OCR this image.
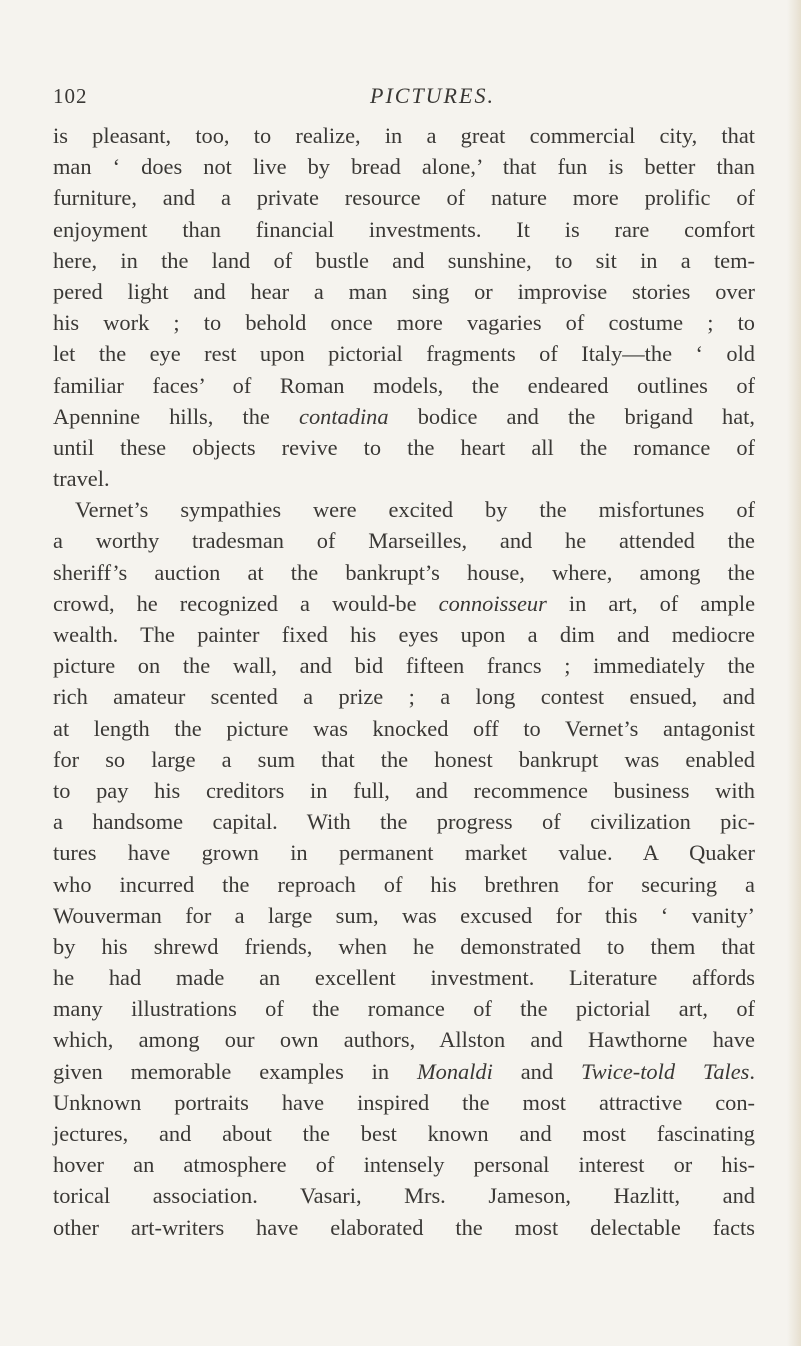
102	PICTURES.
is pleasant, too, to realize, in a great commercial city, that
man ‘ does not live by bread alone,’ that fun is better than
furniture, and a private resource of nature more prolific of
enjoyment than financial investments. It is rare comfort
here, in the land of bustle and sunshine, to sit in a tem-
pered light and hear a man sing or improvise stories over
his work ; to behold once more vagaries of costume ; to
let the eye rest upon pictorial fragments of Italy—the ‘ old
familiar faces’ of Roman models, the endeared outlines of
Apennine hills, the contadina bodice and the brigand hat,
until these objects revive to the heart all the romance of
travel.
Vernet’s sympathies were excited by the misfortunes of
a worthy tradesman of Marseilles, and he attended the
sheriff’s auction at the bankrupt’s house, where, among the
crowd, he recognized a would-be connoisseur in art, of ample
wealth. The painter fixed his eyes upon a dim and mediocre
picture on the wall, and bid fifteen francs ; immediately the
rich amateur scented a prize ; a long contest ensued, and
at length the picture was knocked off to Vernet’s antagonist
for so large a sum that the honest bankrupt was enabled
to pay his creditors in full, and recommence business with
a handsome capital. With the progress of civilization pic-
tures have grown in permanent market value. A Quaker
who incurred the reproach of his brethren for securing a
Wouverman for a large sum, was excused for this ‘ vanity’
by his shrewd friends, when he demonstrated to them that
he had made an excellent investment. Literature affords
many illustrations of the romance of the pictorial art, of
which, among our own authors, Allston and Hawthorne have
given memorable examples in Monaldi and Twice-told Tales.
Unknown portraits have inspired the most attractive con-
jectures, and about the best known and most fascinating
hover an atmosphere of intensely personal interest or his-
torical association. Vasari, Mrs. Jameson, Hazlitt, and
other art-writers have elaborated the most delectable facts
